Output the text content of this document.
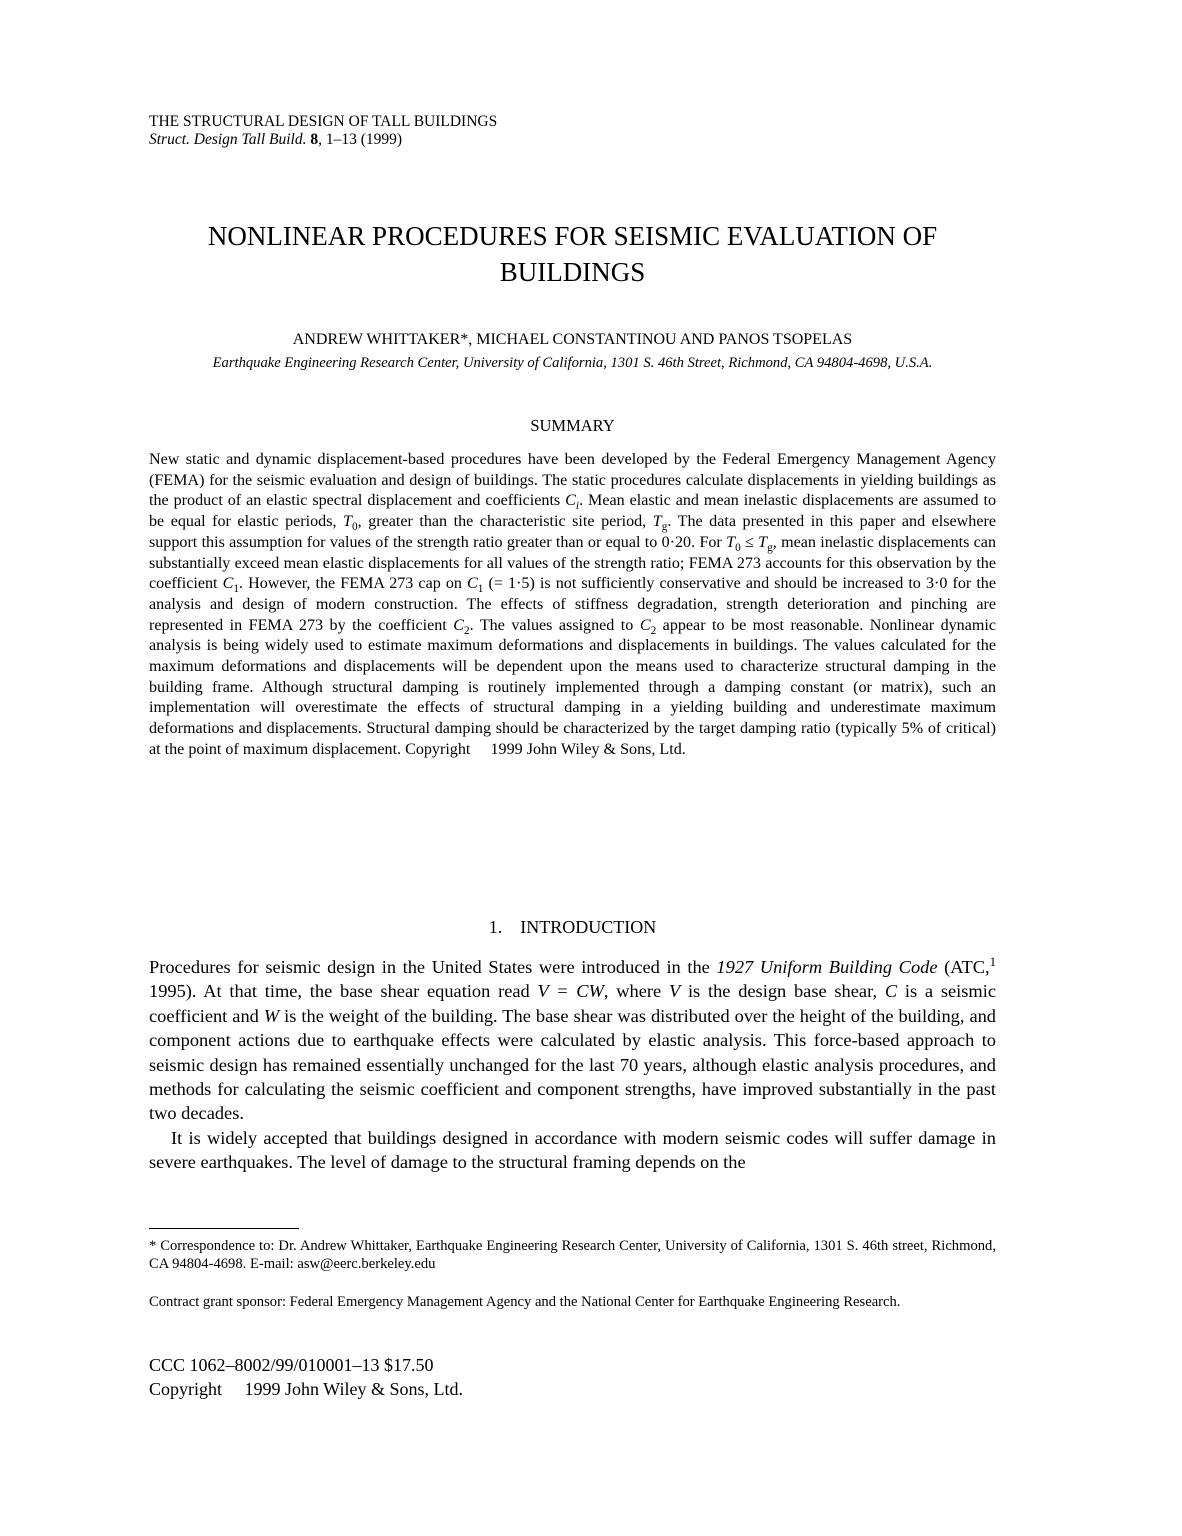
THE STRUCTURAL DESIGN OF TALL BUILDINGS
Struct. Design Tall Build. 8, 1–13 (1999)
NONLINEAR PROCEDURES FOR SEISMIC EVALUATION OF BUILDINGS
ANDREW WHITTAKER*, MICHAEL CONSTANTINOU AND PANOS TSOPELAS
Earthquake Engineering Research Center, University of California, 1301 S. 46th Street, Richmond, CA 94804-4698, U.S.A.
SUMMARY
New static and dynamic displacement-based procedures have been developed by the Federal Emergency Management Agency (FEMA) for the seismic evaluation and design of buildings. The static procedures calculate displacements in yielding buildings as the product of an elastic spectral displacement and coefficients $C_i$. Mean elastic and mean inelastic displacements are assumed to be equal for elastic periods, $T_0$, greater than the characteristic site period, $T_g$. The data presented in this paper and elsewhere support this assumption for values of the strength ratio greater than or equal to 0·20. For $T_0 \le T_g$, mean inelastic displacements can substantially exceed mean elastic displacements for all values of the strength ratio; FEMA 273 accounts for this observation by the coefficient $C_1$. However, the FEMA 273 cap on $C_1$ (= 1·5) is not sufficiently conservative and should be increased to 3·0 for the analysis and design of modern construction. The effects of stiffness degradation, strength deterioration and pinching are represented in FEMA 273 by the coefficient $C_2$. The values assigned to $C_2$ appear to be most reasonable. Nonlinear dynamic analysis is being widely used to estimate maximum deformations and displacements in buildings. The values calculated for the maximum deformations and displacements will be dependent upon the means used to characterize structural damping in the building frame. Although structural damping is routinely implemented through a damping constant (or matrix), such an implementation will overestimate the effects of structural damping in a yielding building and underestimate maximum deformations and displacements. Structural damping should be characterized by the target damping ratio (typically 5% of critical) at the point of maximum displacement. Copyright     1999 John Wiley & Sons, Ltd.
1. INTRODUCTION

Procedures for seismic design in the United States were introduced in the 1927 Uniform Building Code (ATC,$^1$ 1995). At that time, the base shear equation read V = CW, where V is the design base shear, C is a seismic coefficient and W is the weight of the building. The base shear was distributed over the height of the building, and component actions due to earthquake effects were calculated by elastic analysis. This force-based approach to seismic design has remained essentially unchanged for the last 70 years, although elastic analysis procedures, and methods for calculating the seismic coefficient and component strengths, have improved substantially in the past two decades.

It is widely accepted that buildings designed in accordance with modern seismic codes will suffer damage in severe earthquakes. The level of damage to the structural framing depends on the

* Correspondence to: Dr. Andrew Whittaker, Earthquake Engineering Research Center, University of California, 1301 S. 46th street, Richmond, CA 94804-4698. E-mail: asw@eerc.berkeley.edu
Contract grant sponsor: Federal Emergency Management Agency and the National Center for Earthquake Engineering Research.
CCC 1062–8002/99/010001–13 $17.50
Copyright     1999 John Wiley & Sons, Ltd.
